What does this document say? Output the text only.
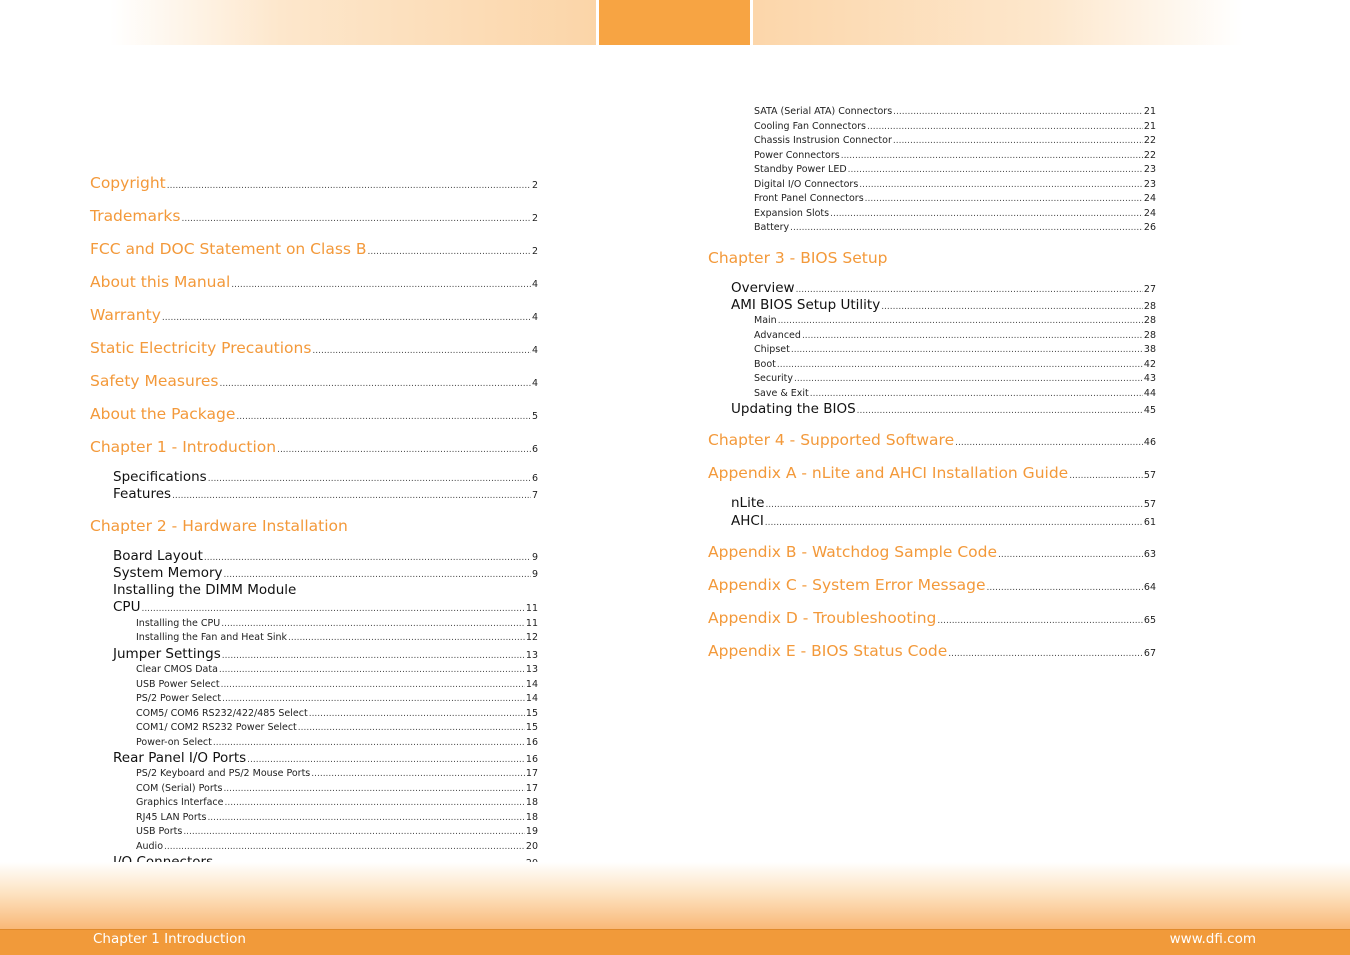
Copyright .....	2
Trademarks .....	2
FCC and DOC Statement on Class B .....	2
About this Manual .....	4
Warranty .....	4
Static Electricity Precautions .....	4
Safety Measures .....	4
About the Package .....	5
Chapter 1 - Introduction .....	6
Specifications .....	6
Features .....	7
Chapter 2 - Hardware Installation
Board Layout .....	9
System Memory .....	9
Installing the DIMM Module
CPU .....	11
Installing the CPU .....	11
Installing the Fan and Heat Sink .....	12
Jumper Settings .....	13
Clear CMOS Data .....	13
USB Power Select .....	14
PS/2 Power Select .....	14
COM5/ COM6 RS232/422/485 Select .....	15
COM1/ COM2 RS232 Power Select .....	15
Power-on Select .....	16
Rear Panel I/O Ports .....	16
PS/2 Keyboard and PS/2 Mouse Ports .....	17
COM (Serial) Ports .....	17
Graphics Interface .....	18
RJ45 LAN Ports .....	18
USB Ports .....	19
Audio .....	20
.....
.....
SATA (Serial ATA) Connectors .....	21
Cooling Fan Connectors .....	21
Chassis Instrusion Connector .....	22
Power Connectors .....	22
Standby Power LED .....	23
Digital I/O Connectors .....	23
Front Panel Connectors .....	24
Expansion Slots .....	24
Battery .....	26
Chapter 3 - BIOS Setup
Overview .....	27
AMI BIOS Setup Utility .....	28
Main .....	28
Advanced .....	28
Chipset .....	38
Boot .....	42
Security .....	43
Save & Exit .....	44
Updating the BIOS .....	45
Chapter 4 - Supported Software .....	46
Appendix A - nLite and AHCI Installation Guide .....	57
nLite .....	57
AHCI .....	61
Appendix B - Watchdog Sample Code .....	63
Appendix C - System Error Message .....	64
Appendix D - Troubleshooting .....	65
Appendix E - BIOS Status Code .....	67
Chapter 1 Introduction	www.dfi.com
